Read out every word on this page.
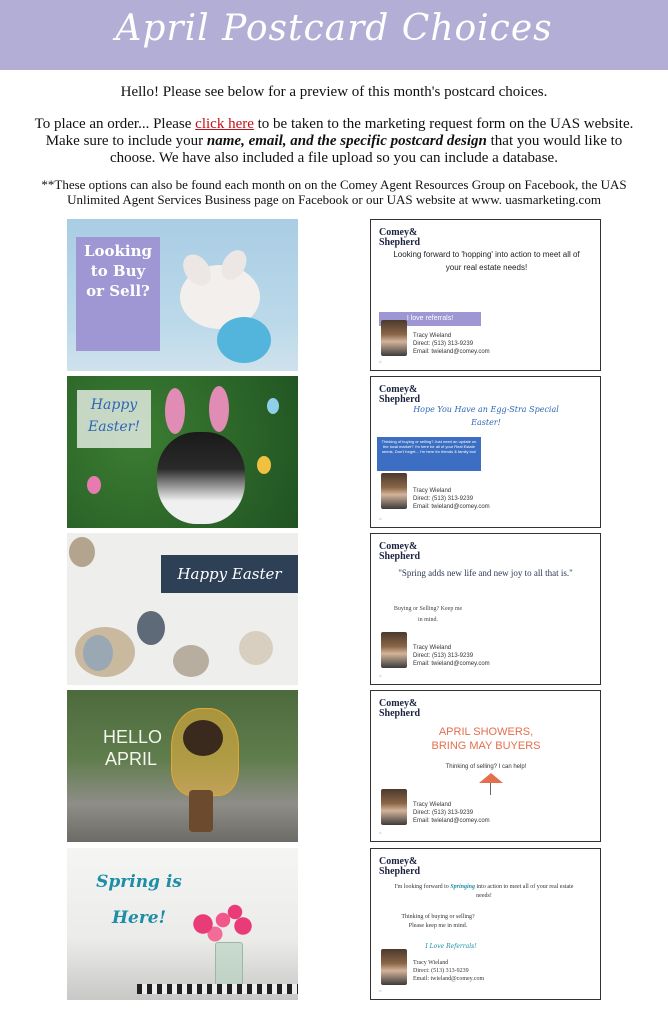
April Postcard Choices
Hello! Please see below for a preview of this month's postcard choices.
To place an order... Please click here to be taken to the marketing request form on the UAS website. Make sure to include your name, email, and the specific postcard design that you would like to choose. We have also included a file upload so you can include a database.
**These options can also be found each month on on the Comey Agent Resources Group on Facebook, the UAS Unlimited Agent Services Business page on Facebook or our UAS website at www. uasmarketing.com
Looking to Buy or Sell?
Comey&
Shepherd
Looking forward to 'hopping' into action to meet all of your real estate needs!
I love referrals!
Tracy Wieland
Direct: (513) 313-9239
Email: twieland@comey.com
⌂
Happy Easter!
Comey&
Shepherd
Hope You Have an Egg-Stra Special Easter!
Thinking of buying or selling? Just need an update on the local market? I'm here for all of your Real Estate needs. Don't forget... I'm here for friends & family too!
Tracy Wieland
Direct: (513) 313-9239
Email: twieland@comey.com
⌂
Happy Easter
Comey&
Shepherd
"Spring adds new life and new joy to all that is."
Buying or Selling? Keep me in mind.
Tracy Wieland
Direct: (513) 313-9239
Email: twieland@comey.com
⌂
HELLO
APRIL
Comey&
Shepherd
APRIL SHOWERS,
BRING MAY BUYERS
Thinking of selling? I can help!
Tracy Wieland
Direct: (513) 313-9239
Email: twieland@comey.com
⌂
Spring is
Here!
Comey&
Shepherd
I'm looking forward to Springing into action to meet all of your real estate needs!
Thinking of buying or selling? Please keep me in mind.
I Love Referrals!
Tracy Wieland
Direct: (513) 313-9239
Email: twieland@comey.com
⌂
